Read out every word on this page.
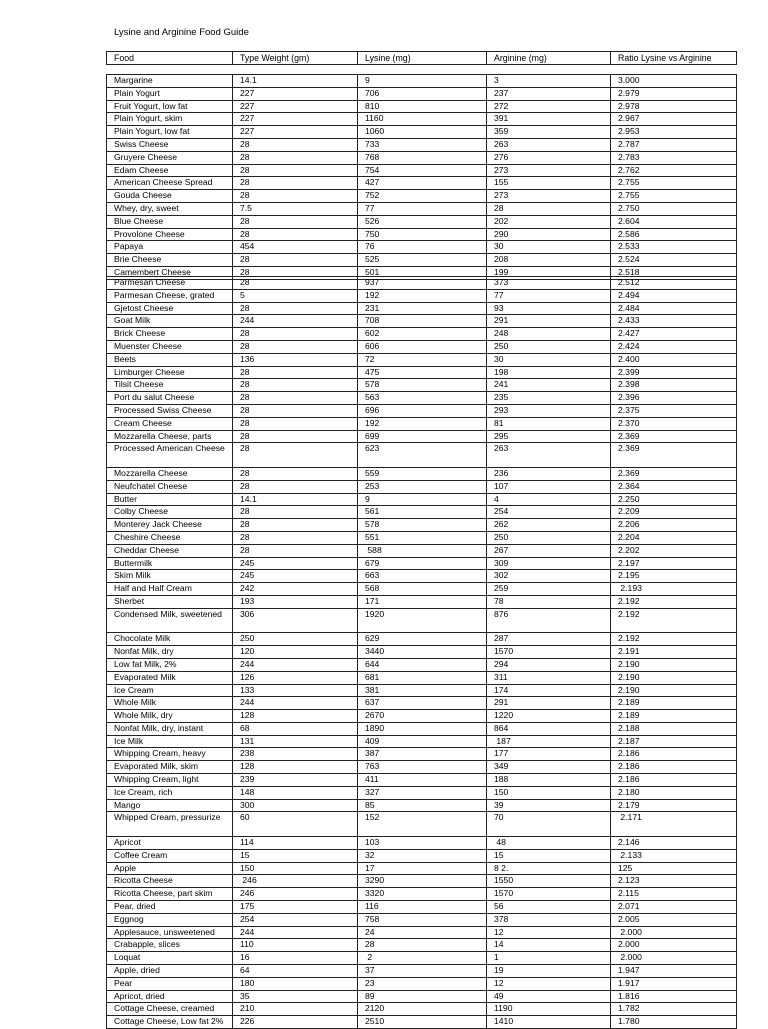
Lysine and Arginine Food Guide
Food	Type Weight (gm)	Lysine (mg)	Arginine (mg)	Ratio Lysine vs Arginine
Margarine	14.1	9	3	3.000
Plain Yogurt	227	706	237	2.979
Fruit Yogurt, low fat	227	810	272	2.978
Plain Yogurt, skim	227	1160	391	2.967
Plain Yogurt, low fat	227	1060	359	2.953
Swiss Cheese	28	733	263	2.787
Gruyere Cheese	28	768	276	2.783
Edam Cheese	28	754	273	2.762
American Cheese Spread	28	427	155	2.755
Gouda Cheese	28	752	273	2.755
Whey, dry, sweet	7.5	77	28	2.750
Blue Cheese	28	526	202	2.604
Provolone Cheese	28	750	290	2.586
Papaya	454	76	30	2.533
Brie Cheese	28	525	208	2.524
Camembert Cheese	28	501	199	2.518
Parmesan Cheese	28	937	373	2.512
Parmesan Cheese, grated	5	192	77	2.494
Gjetost Cheese	28	231	93	2.484
Goat Milk	244	708	291	2.433
Brick Cheese	28	602	248	2.427
Muenster Cheese	28	606	250	2.424
Beets	136	72	30	2.400
Limburger Cheese	28	475	198	2.399
Tilsit Cheese	28	578	241	2.398
Port du salut Cheese	28	563	235	2.396
Processed Swiss Cheese	28	696	293	2.375
Cream Cheese	28	192	81	2.370
Mozzarella Cheese, parts	28	699	295	2.369
Processed American Cheese	28	623	263	2.369
Mozzarella Cheese	28	559	236	2.369
Neufchatel Cheese	28	253	107	2.364
Butter	14.1	9	4	2.250
Colby Cheese	28	561	254	2.209
Monterey Jack Cheese	28	578	262	2.206
Cheshire Cheese	28	551	250	2.204
Cheddar Cheese	28	588	267	2.202
Buttermilk	245	679	309	2.197
Skim Milk	245	663	302	2.195
Half and Half Cream	242	568	259	2.193
Sherbet	193	171	78	2.192
Condensed Milk, sweetened	306	1920	876	2.192
Chocolate Milk	250	629	287	2.192
Nonfat Milk, dry	120	3440	1570	2.191
Low fat Milk, 2%	244	644	294	2.190
Evaporated Milk	126	681	311	2.190
Ice Cream	133	381	174	2.190
Whole Milk	244	637	291	2.189
Whole Milk, dry	128	2670	1220	2.189
Nonfat Milk, dry, instant	68	1890	864	2.188
Ice Milk	131	409	187	2.187
Whipping Cream, heavy	238	387	177	2.186
Evaporated Milk, skim	128	763	349	2.186
Whipping Cream, light	239	411	188	2.186
Ice Cream, rich	148	327	150	2.180
Mango	300	85	39	2.179
Whipped Cream, pressurize	60	152	70	2.171
Apricot	114	103	48	2.146
Coffee Cream	15	32	15	2.133
Apple	150	17	8 2.	125
Ricotta Cheese	246	3290	1550	2.123
Ricotta Cheese, part skim	246	3320	1570	2.115
Pear, dried	175	116	56	2.071
Eggnog	254	758	378	2.005
Applesauce, unsweetened	244	24	12	2.000
Crabapple, slices	110	28	14	2.000
Loquat	16	2	1	2.000
Apple, dried	64	37	19	1.947
Pear	180	23	12	1.917
Apricot, dried	35	89	49	1.816
Cottage Cheese, creamed	210	2120	1190	1.782
Cottage Cheese, Low fat 2%	226	2510	1410	1.780
